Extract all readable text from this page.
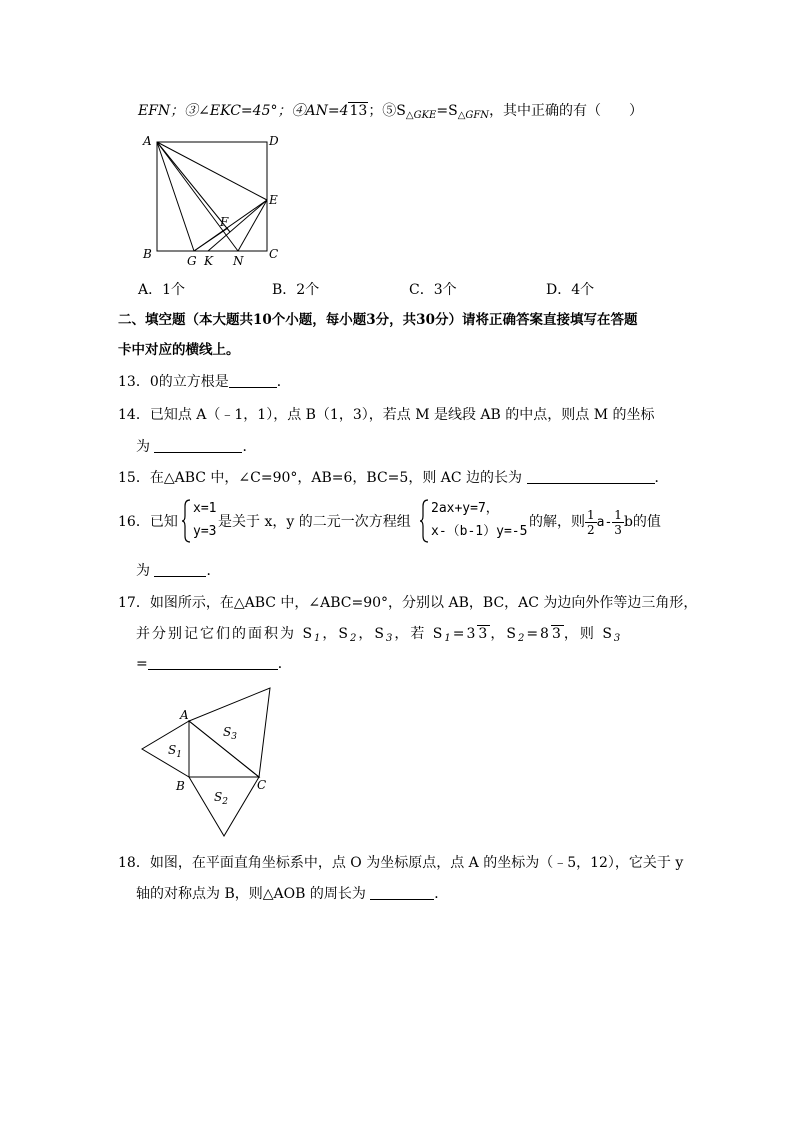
EFN；③∠EKC=45°；④AN=413；$⑤S_{\triangle GKE}=S_{\triangle GFN}$，其中正确的有（　　）
A	D
E
F
B	G K N C
A．1个	B．2个	C．3个	D．4个
二、填空题（本大题共10个小题，每小题3分，共30分）请将正确答案直接填写在答题
卡中对应的横线上。
13．0的立方根是	．
14．已知点 A（﹣1，1），点 B（1，3），若点 M 是线段 AB 的中点，则点 M 的坐标
为	．
15．在△ABC 中，∠C=90°，AB=6，BC=5，则 AC 边的长为	．
16．已知
x=1
y=3
是关于 x，y 的二元一次方程组
2ax+y=7，
x-（b-1）y=-5
的解，则 $\frac{1}{2} a- \frac{1}{3}$ b的值
为	．
17．如图所示，在△ABC 中，∠ABC=90°，分别以 AB，BC，AC 为边向外作等边三角形，
并分别记它们的面积为 $S_1$，$S_2$，$S_3$，若 $S_1=33$，$S_2=83$，则 $S_3$
=	．
A
B	C
$S_1$
$S_2$
$S_3$
18．如图，在平面直角坐标系中，点 O 为坐标原点，点 A 的坐标为（﹣5，12），它关于 y
轴的对称点为 B，则△AOB 的周长为	．
